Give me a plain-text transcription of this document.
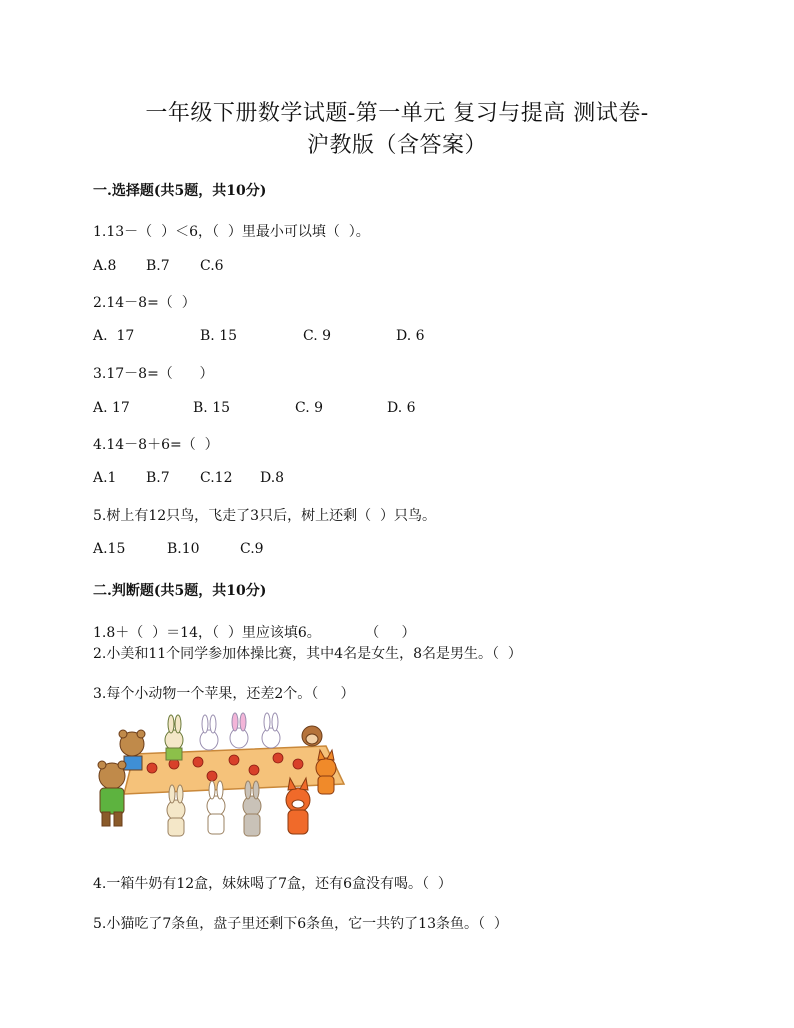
一年级下册数学试题-第一单元 复习与提高 测试卷-
沪教版（含答案）
一.选择题(共5题，共10分)
1.13－（  ）＜6，（  ）里最小可以填（  ）。
A.8 B.7 C.6
2.14－8=（  ）
A.  17	B. 15	C. 9	D. 6
3.17－8=（      ）
A. 17	B. 15	C. 9	D. 6
4.14－8＋6=（  ）
A.1 B.7 C.12 D.8
5.树上有12只鸟，飞走了3只后，树上还剩（  ）只鸟。
A.15	B.10	C.9
二.判断题(共5题，共10分)
1.8＋（  ）＝14，（  ）里应该填6。          （     ）
2.小美和11个同学参加体操比赛，其中4名是女生，8名是男生。（  ）
3.每个小动物一个苹果，还差2个。（     ）
4.一箱牛奶有12盒，妹妹喝了7盒，还有6盒没有喝。（  ）
5.小猫吃了7条鱼，盘子里还剩下6条鱼，它一共钓了13条鱼。（  ）
